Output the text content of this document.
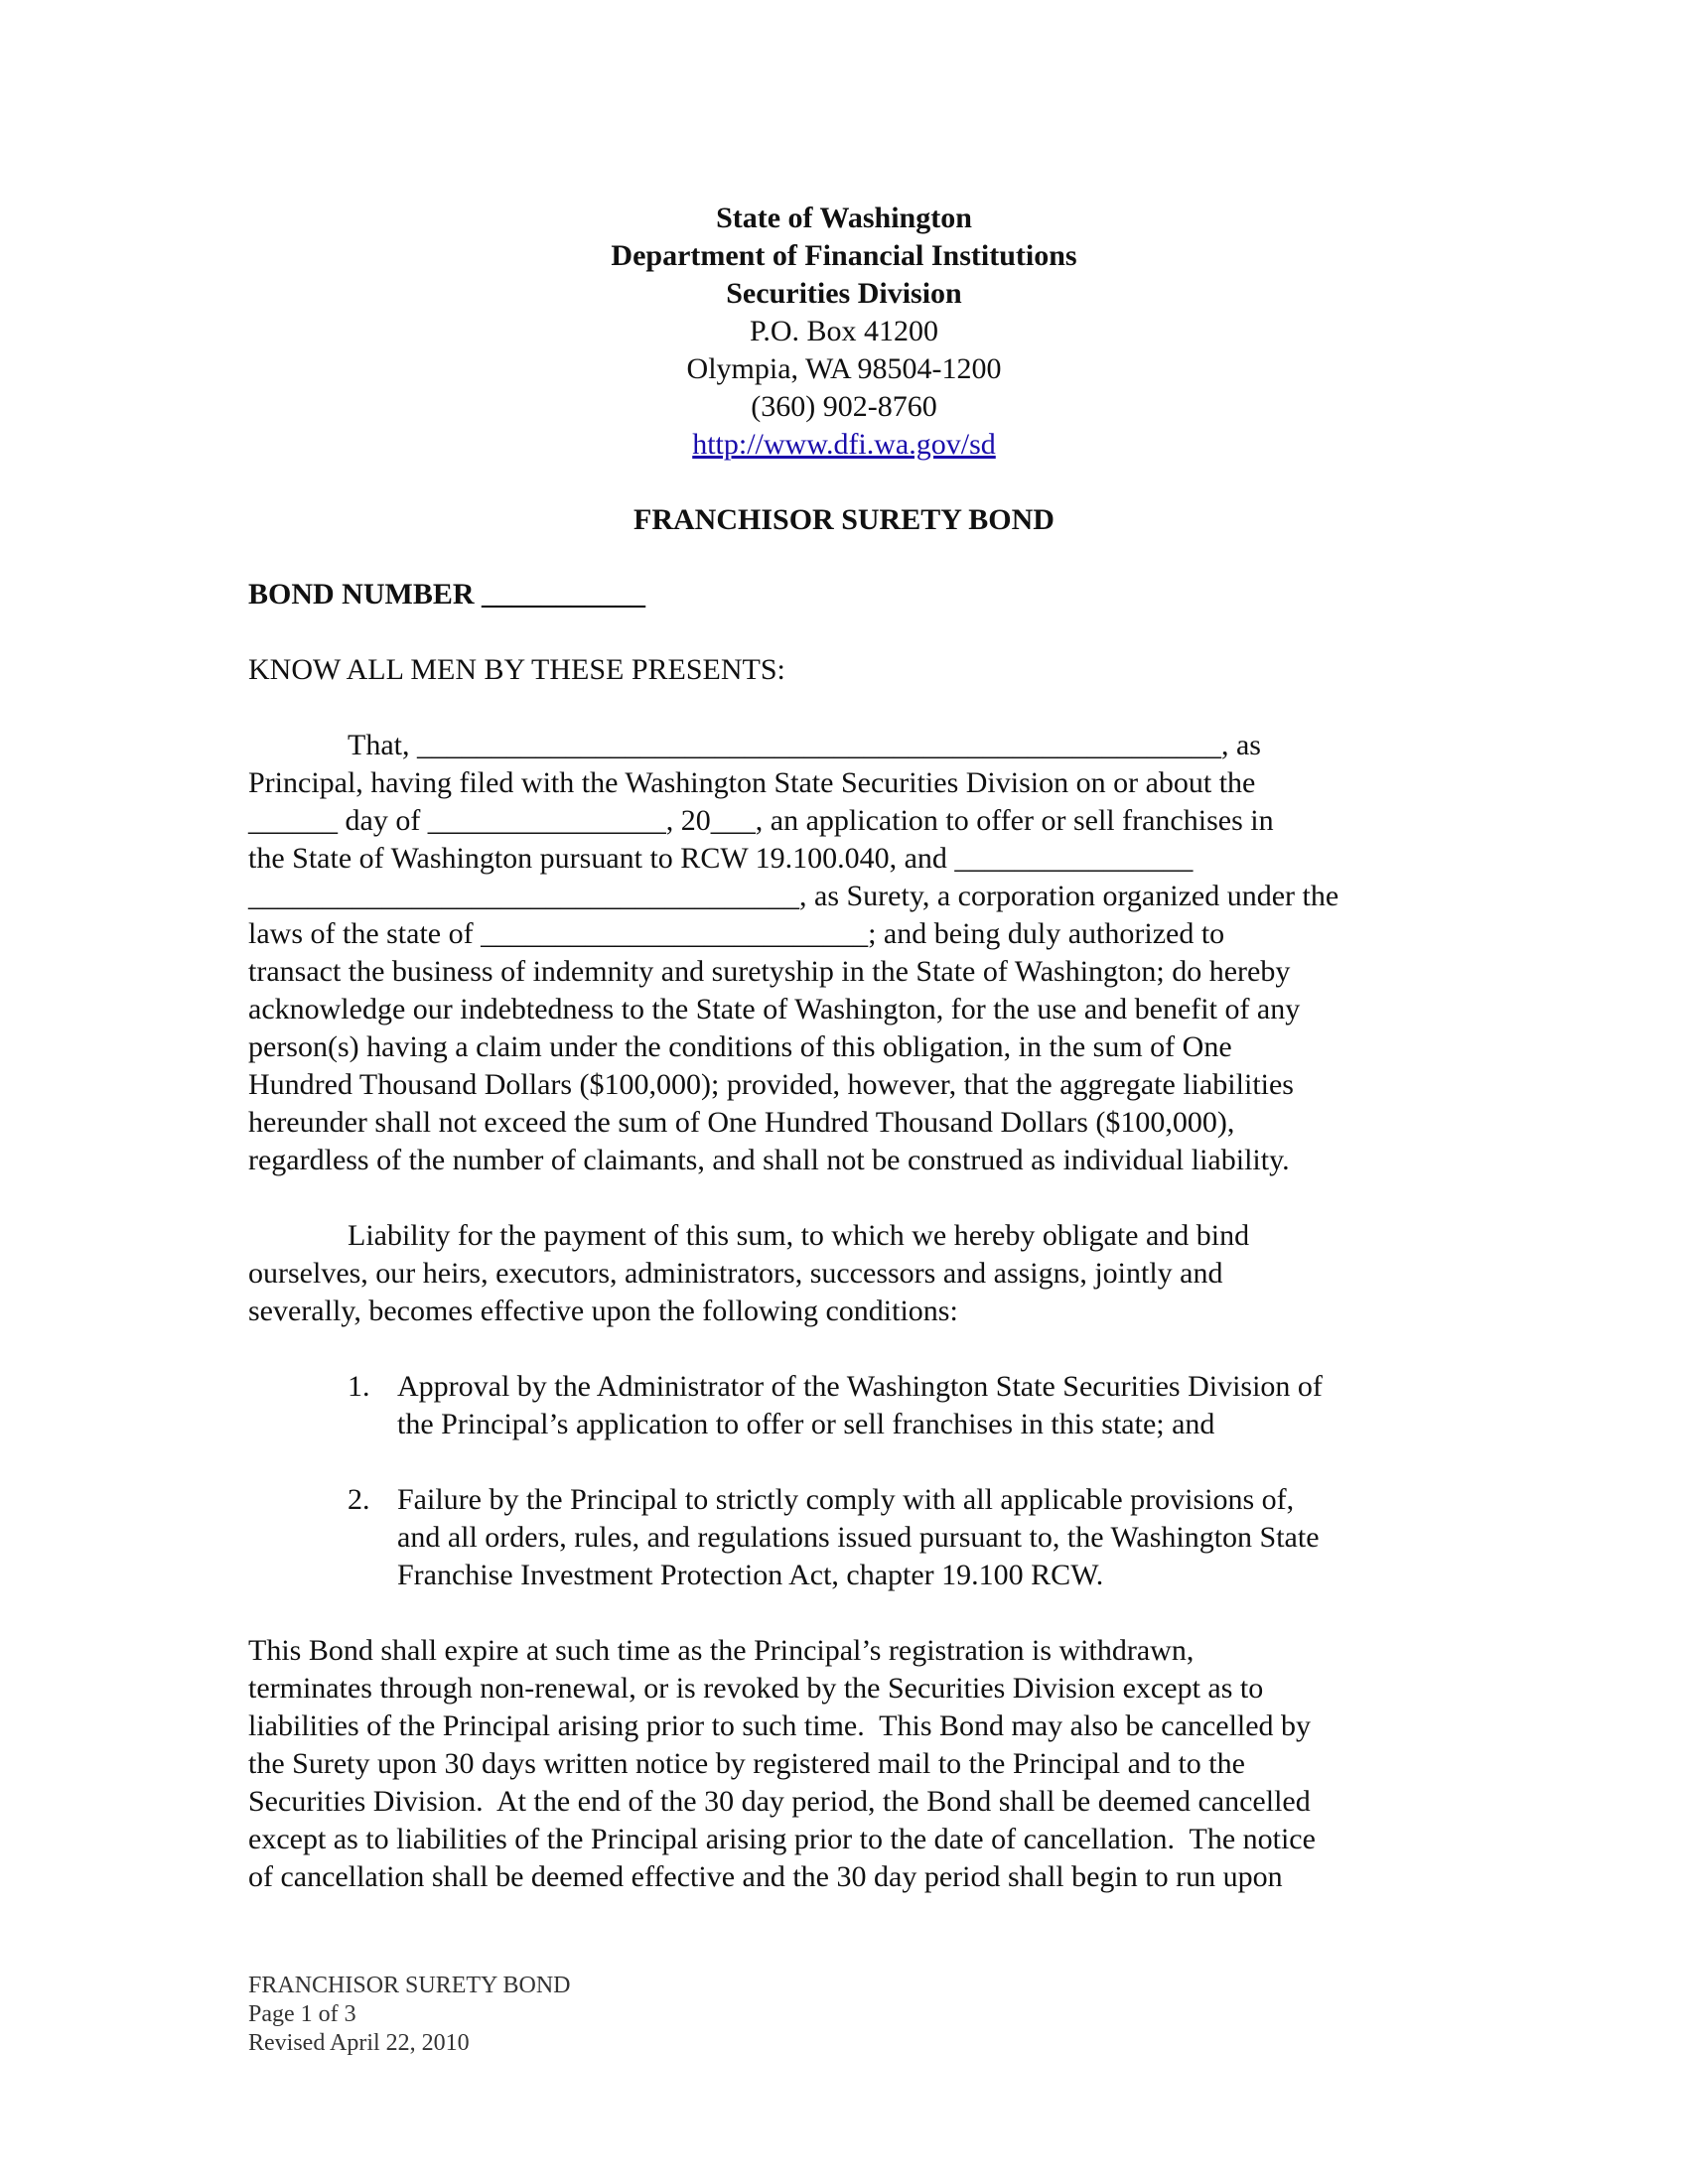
State of Washington
Department of Financial Institutions
Securities Division
P.O. Box 41200
Olympia, WA 98504-1200
(360) 902-8760
http://www.dfi.wa.gov/sd
FRANCHISOR SURETY BOND
BOND NUMBER ___________
KNOW ALL MEN BY THESE PRESENTS:
That, ______________________________________________________, as
Principal, having filed with the Washington State Securities Division on or about the
______ day of ________________, 20___, an application to offer or sell franchises in
the State of Washington pursuant to RCW 19.100.040, and ________________
_____________________________________, as Surety, a corporation organized under the
laws of the state of __________________________; and being duly authorized to
transact the business of indemnity and suretyship in the State of Washington; do hereby
acknowledge our indebtedness to the State of Washington, for the use and benefit of any
person(s) having a claim under the conditions of this obligation, in the sum of One
Hundred Thousand Dollars ($100,000); provided, however, that the aggregate liabilities
hereunder shall not exceed the sum of One Hundred Thousand Dollars ($100,000),
regardless of the number of claimants, and shall not be construed as individual liability.
Liability for the payment of this sum, to which we hereby obligate and bind
ourselves, our heirs, executors, administrators, successors and assigns, jointly and
severally, becomes effective upon the following conditions:
1. Approval by the Administrator of the Washington State Securities Division of
the Principal’s application to offer or sell franchises in this state; and
2. Failure by the Principal to strictly comply with all applicable provisions of,
and all orders, rules, and regulations issued pursuant to, the Washington State
Franchise Investment Protection Act, chapter 19.100 RCW.
This Bond shall expire at such time as the Principal’s registration is withdrawn,
terminates through non-renewal, or is revoked by the Securities Division except as to
liabilities of the Principal arising prior to such time.  This Bond may also be cancelled by
the Surety upon 30 days written notice by registered mail to the Principal and to the
Securities Division.  At the end of the 30 day period, the Bond shall be deemed cancelled
except as to liabilities of the Principal arising prior to the date of cancellation.  The notice
of cancellation shall be deemed effective and the 30 day period shall begin to run upon
FRANCHISOR SURETY BOND
Page 1 of 3
Revised April 22, 2010
